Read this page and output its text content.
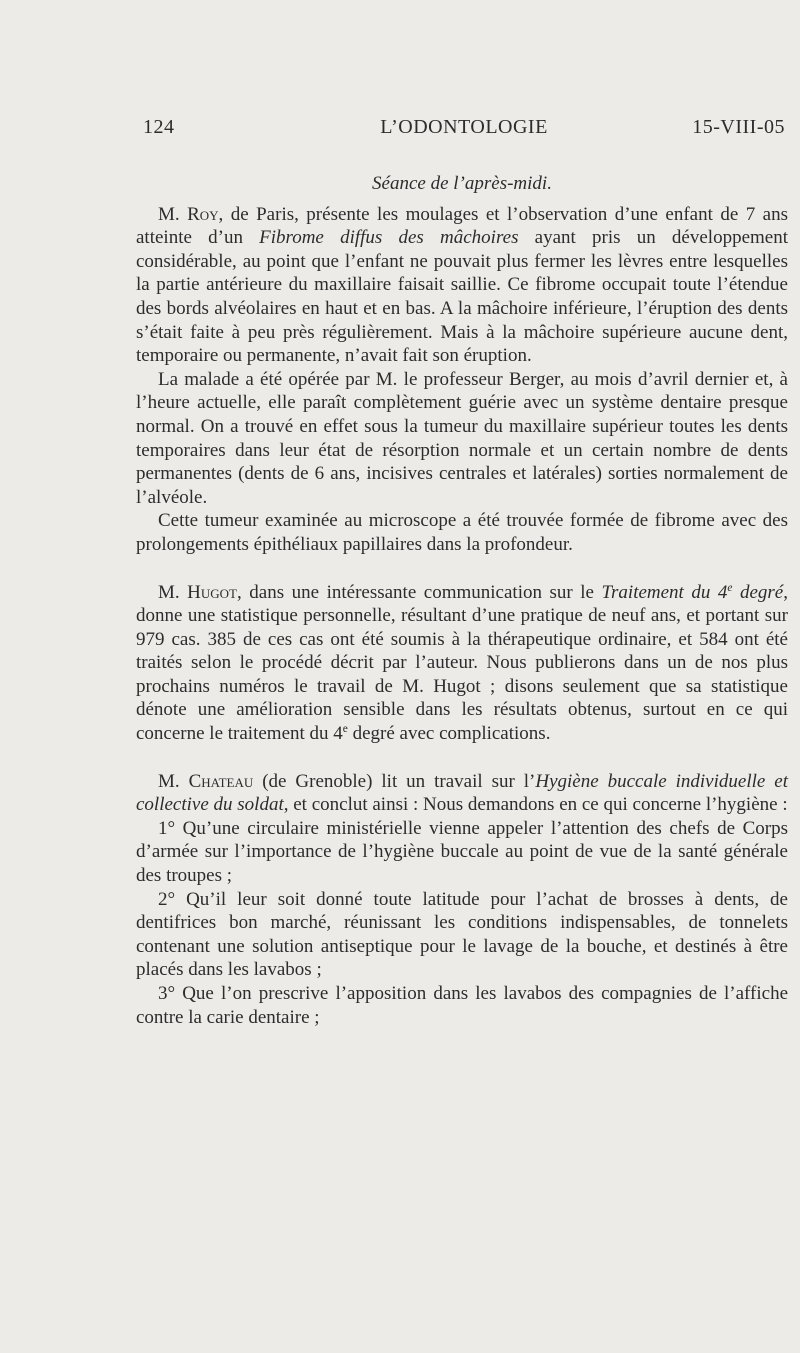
124	L’ODONTOLOGIE	15-VIII-05
Séance de l’après-midi.

M. Roy, de Paris, présente les moulages et l’observation d’une enfant de 7 ans atteinte d’un Fibrome diffus des mâchoires ayant pris un développement considérable, au point que l’enfant ne pouvait plus fermer les lèvres entre lesquelles la partie antérieure du maxillaire faisait saillie. Ce fibrome occupait toute l’étendue des bords alvéolaires en haut et en bas. A la mâchoire inférieure, l’éruption des dents s’était faite à peu près régulièrement. Mais à la mâchoire supérieure aucune dent, temporaire ou permanente, n’avait fait son éruption.

La malade a été opérée par M. le professeur Berger, au mois d’avril dernier et, à l’heure actuelle, elle paraît complètement guérie avec un système dentaire presque normal. On a trouvé en effet sous la tumeur du maxillaire supérieur toutes les dents temporaires dans leur état de résorption normale et un certain nombre de dents permanentes (dents de 6 ans, incisives centrales et latérales) sorties normalement de l’alvéole.

Cette tumeur examinée au microscope a été trouvée formée de fibrome avec des prolongements épithéliaux papillaires dans la profondeur.

M. Hugot, dans une intéressante communication sur le Traitement du 4e degré, donne une statistique personnelle, résultant d’une pratique de neuf ans, et portant sur 979 cas. 385 de ces cas ont été soumis à la thérapeutique ordinaire, et 584 ont été traités selon le procédé décrit par l’auteur. Nous publierons dans un de nos plus prochains numéros le travail de M. Hugot ; disons seulement que sa statistique dénote une amélioration sensible dans les résultats obtenus, surtout en ce qui concerne le traitement du 4e degré avec complications.

M. Chateau (de Grenoble) lit un travail sur l’Hygiène buccale individuelle et collective du soldat, et conclut ainsi : Nous demandons en ce qui concerne l’hygiène :

1° Qu’une circulaire ministérielle vienne appeler l’attention des chefs de Corps d’armée sur l’importance de l’hygiène buccale au point de vue de la santé générale des troupes ;

2° Qu’il leur soit donné toute latitude pour l’achat de brosses à dents, de dentifrices bon marché, réunissant les conditions indispensables, de tonnelets contenant une solution antiseptique pour le lavage de la bouche, et destinés à être placés dans les lavabos ;

3° Que l’on prescrive l’apposition dans les lavabos des compagnies de l’affiche contre la carie dentaire ;
